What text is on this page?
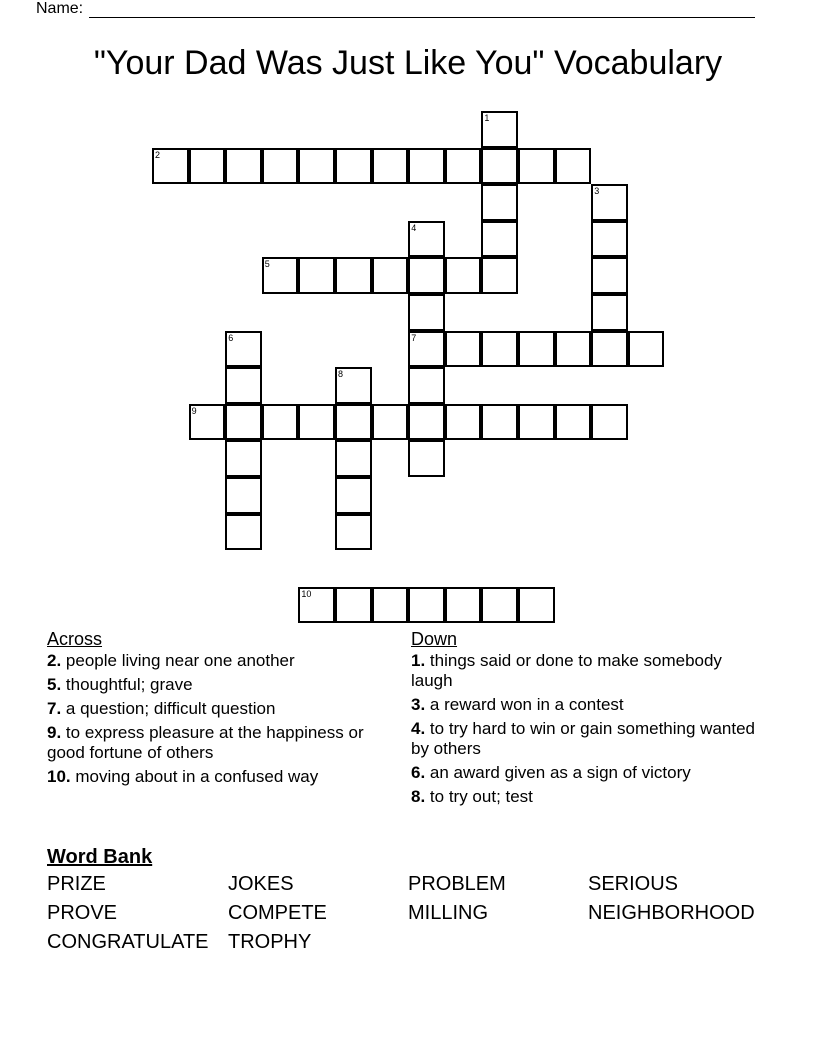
Name:
"Your Dad Was Just Like You" Vocabulary
1
2
3
4
7
5
6
8
9
10
Across
2. people living near one another
5. thoughtful; grave
7. a question; difficult question
9. to express pleasure at the happiness or good fortune of others
10. moving about in a confused way
Down
1. things said or done to make somebody laugh
3. a reward won in a contest
4. to try hard to win or gain something wanted by others
6. an award given as a sign of victory
8. to try out; test
Word Bank
PRIZE	JOKES	PROBLEM	SERIOUS
PROVE	COMPETE	MILLING	NEIGHBORHOOD
CONGRATULATE TROPHY
